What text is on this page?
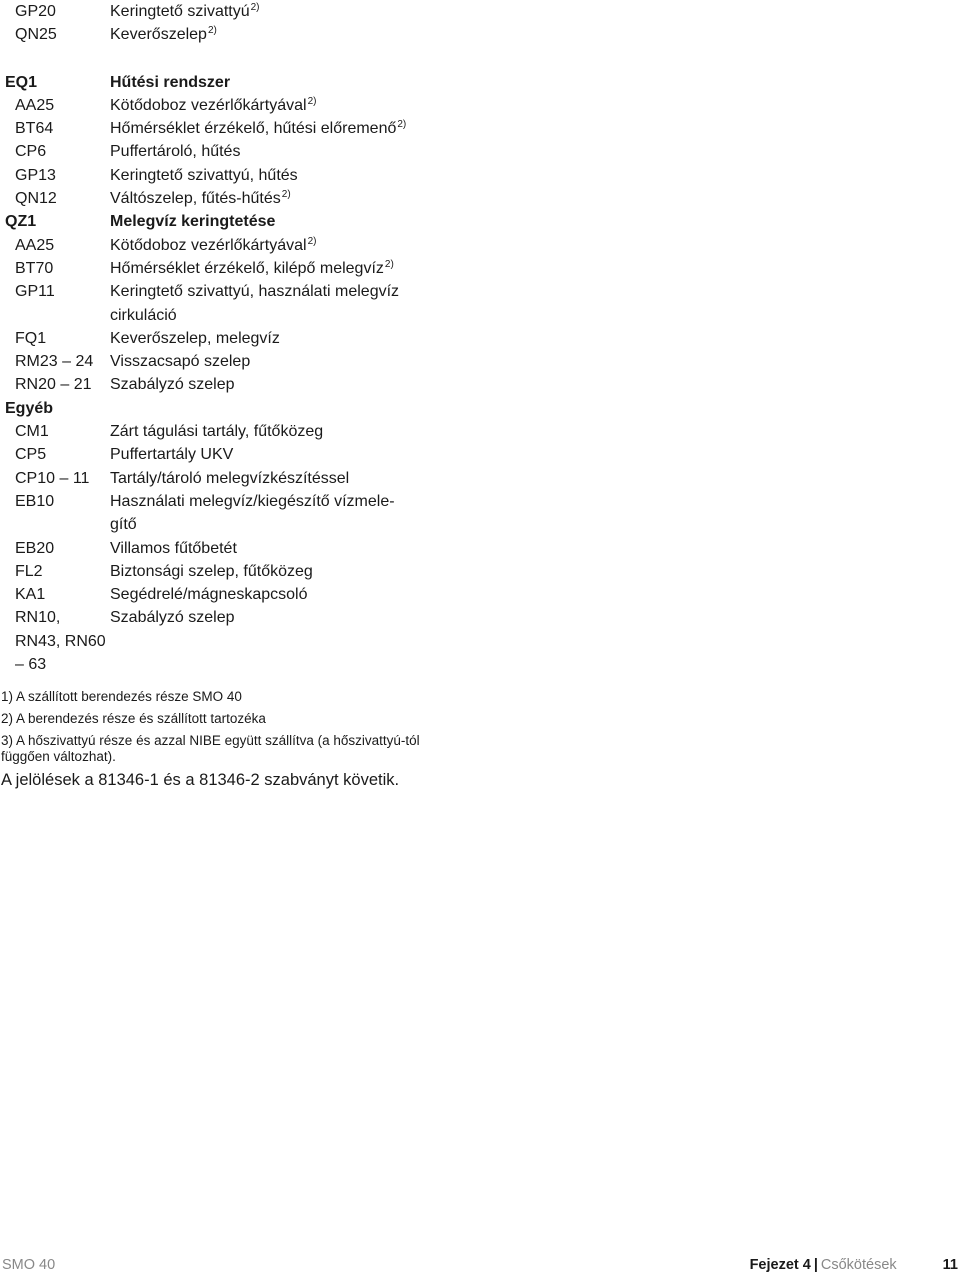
GP20	Keringtető szivattyú$^{2)}$
QN25	Keverőszelep$^{2)}$
EQ1	Hűtési rendszer
AA25	Kötődoboz vezérlőkártyával$^{2)}$
BT64	Hőmérséklet érzékelő, hűtési előremenő$^{2)}$
CP6	Puffertároló, hűtés
GP13	Keringtető szivattyú, hűtés
QN12	Váltószelep, fűtés-hűtés$^{2)}$
QZ1	Melegvíz keringtetése
AA25	Kötődoboz vezérlőkártyával$^{2)}$
BT70	Hőmérséklet érzékelő, kilépő melegvíz$^{2)}$
GP11	Keringtető szivattyú, használati melegvíz
cirkuláció
FQ1	Keverőszelep, melegvíz
RM23 – 24	Visszacsapó szelep
RN20 – 21	Szabályzó szelep
Egyéb
CM1	Zárt tágulási tartály, fűtőközeg
CP5	Puffertartály UKV
CP10 – 11	Tartály/tároló melegvízkészítéssel
EB10	Használati melegvíz/kiegészítő vízmele-
gítő
EB20	Villamos fűtőbetét
FL2	Biztonsági szelep, fűtőközeg
KA1	Segédrelé/mágneskapcsoló
RN10,	Szabályzó szelep
RN43, RN60
– 63
1) A szállított berendezés része SMO 40
2) A berendezés része és szállított tartozéka
3) A hőszivattyú része és azzal NIBE együtt szállítva (a hőszivattyú-tól függően változhat).
A jelölések a 81346-1 és a 81346-2 szabványt követik.
SMO 40	Fejezet 4 | Csőkötések	11
